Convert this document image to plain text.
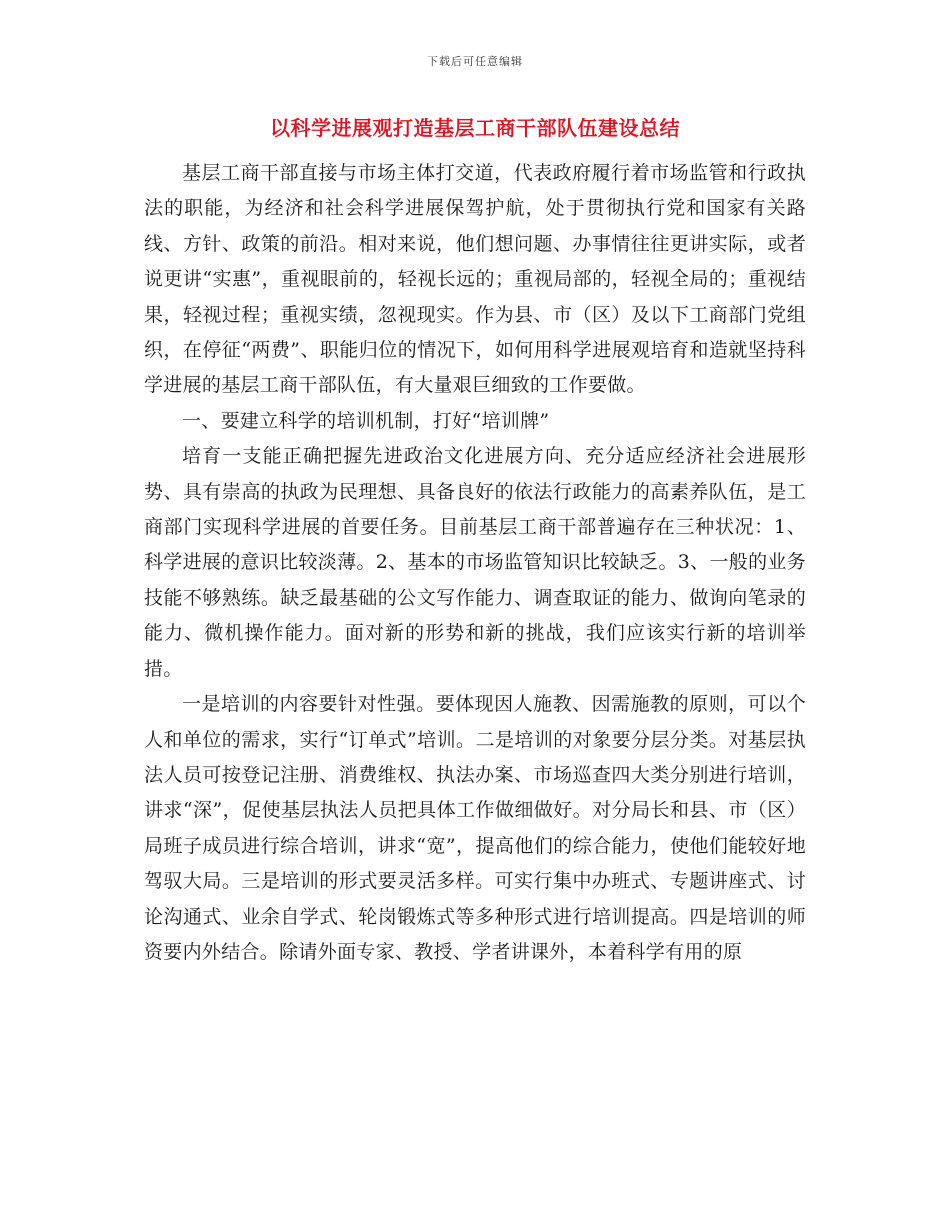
下载后可任意编辑
以科学进展观打造基层工商干部队伍建设总结

基层工商干部直接与市场主体打交道，代表政府履行着市场监管和行政执法的职能，为经济和社会科学进展保驾护航，处于贯彻执行党和国家有关路线、方针、政策的前沿。相对来说，他们想问题、办事情往往更讲实际，或者说更讲“实惠”，重视眼前的，轻视长远的；重视局部的，轻视全局的；重视结果，轻视过程；重视实绩，忽视现实。作为县、市（区）及以下工商部门党组织，在停征“两费”、职能归位的情况下，如何用科学进展观培育和造就坚持科学进展的基层工商干部队伍，有大量艰巨细致的工作要做。

一、要建立科学的培训机制，打好“培训牌”

培育一支能正确把握先进政治文化进展方向、充分适应经济社会进展形势、具有崇高的执政为民理想、具备良好的依法行政能力的高素养队伍，是工商部门实现科学进展的首要任务。目前基层工商干部普遍存在三种状况：1、科学进展的意识比较淡薄。2、基本的市场监管知识比较缺乏。3、一般的业务技能不够熟练。缺乏最基础的公文写作能力、调查取证的能力、做询向笔录的能力、微机操作能力。面对新的形势和新的挑战，我们应该实行新的培训举措。

一是培训的内容要针对性强。要体现因人施教、因需施教的原则，可以个人和单位的需求，实行“订单式”培训。二是培训的对象要分层分类。对基层执法人员可按登记注册、消费维权、执法办案、市场巡查四大类分别进行培训，讲求“深”，促使基层执法人员把具体工作做细做好。对分局长和县、市（区）局班子成员进行综合培训，讲求“宽”，提高他们的综合能力，使他们能较好地驾驭大局。三是培训的形式要灵活多样。可实行集中办班式、专题讲座式、讨论沟通式、业余自学式、轮岗锻炼式等多种形式进行培训提高。四是培训的师资要内外结合。除请外面专家、教授、学者讲课外，本着科学有用的原
